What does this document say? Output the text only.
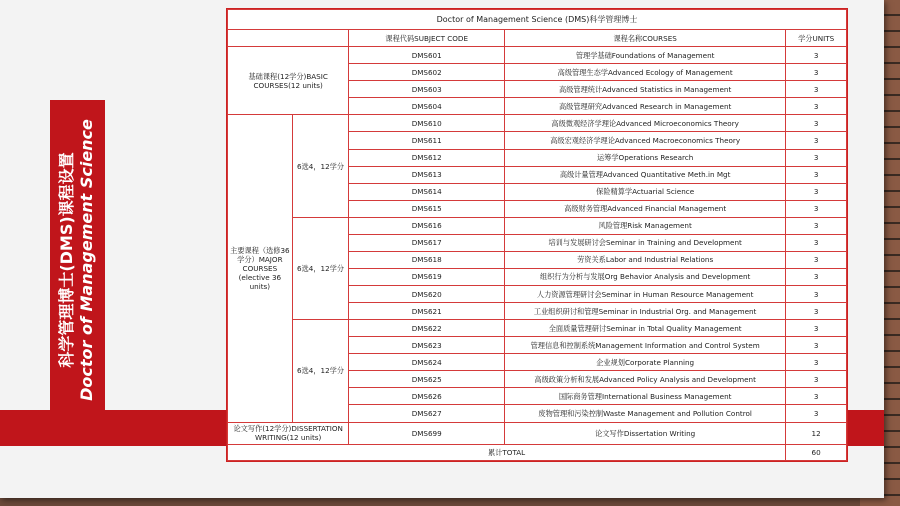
科学管理博士(DMS)课程设置 Doctor of Management Science
Doctor of Management Science (DMS)科学管理博士				
		课程代码SUBJECT CODE	课程名称COURSES	学分UNITS
基础课程(12学分)BASIC COURSES(12 units)		DMS601	管理学基础Foundations of Management	3
		DMS602	高级管理生态学Advanced Ecology of Management	3
		DMS603	高级管理统计Advanced Statistics in Management	3
		DMS604	高级管理研究Advanced Research in Management	3
主要课程（选修36学分）MAJOR COURSES (elective 36 units)	6选4，12学分	DMS610	高级微观经济学理论Advanced Microeconomics Theory	3
		DMS611	高级宏观经济学理论Advanced Macroeconomics Theory	3
		DMS612	运筹学Operations Research	3
		DMS613	高级计量管理Advanced Quantitative Meth.in Mgt	3
		DMS614	保险精算学Actuarial Science	3
		DMS615	高级财务管理Advanced Financial Management	3
	6选4，12学分	DMS616	风险管理Risk Management	3
		DMS617	培训与发展研讨会Seminar in Training and Development	3
		DMS618	劳资关系Labor and Industrial Relations	3
		DMS619	组织行为分析与发展Org Behavior Analysis and Development	3
		DMS620	人力资源管理研讨会Seminar in Human Resource Management	3
		DMS621	工业组织研讨和管理Seminar in Industrial Org. and Management	3
	6选4，12学分	DMS622	全面质量管理研讨Seminar in Total Quality Management	3
		DMS623	管理信息和控制系统Management Information and Control System	3
		DMS624	企业规划Corporate Planning	3
		DMS625	高级政策分析和发展Advanced Policy Analysis and Development	3
		DMS626	国际商务管理International Business Management	3
		DMS627	废物管理和污染控制Waste Management and Pollution Control	3
论文写作(12学分)DISSERTATION WRITING(12 units)		DMS699	论文写作Dissertation Writing	12
累计TOTAL				60
